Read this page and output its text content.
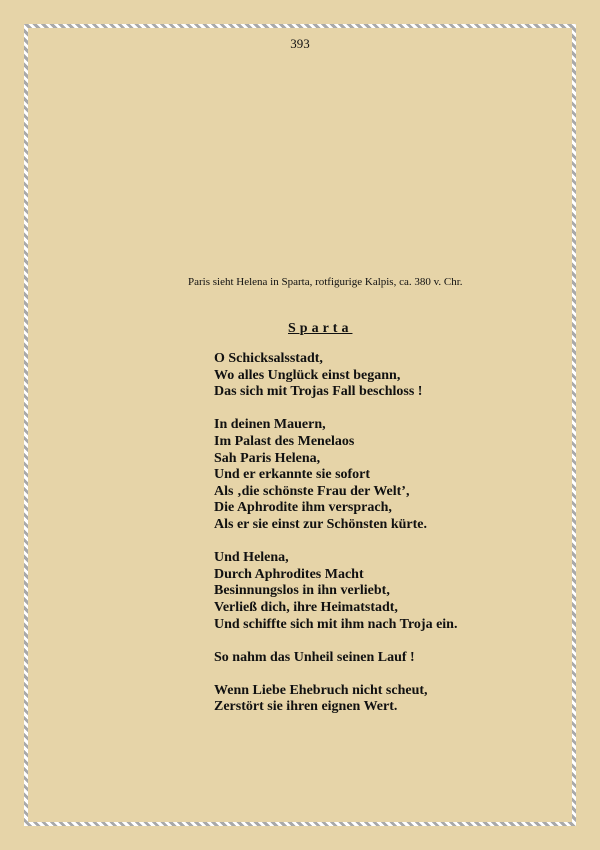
393
Paris sieht Helena in Sparta, rotfigurige Kalpis, ca. 380 v. Chr.
Sparta
O Schicksalsstadt,
Wo alles Unglück einst begann,
Das sich mit Trojas Fall beschloss !
In deinen Mauern,
Im Palast des Menelaos
Sah Paris Helena,
Und er erkannte sie sofort
Als ‚die schönste Frau der Welt’,
Die Aphrodite ihm versprach,
Als er sie einst zur Schönsten kürte.
Und Helena,
Durch Aphrodites Macht
Besinnungslos in ihn verliebt,
Verließ dich, ihre Heimatstadt,
Und schiffte sich mit ihm nach Troja ein.
So nahm das Unheil seinen Lauf !
Wenn Liebe Ehebruch nicht scheut,
Zerstört sie ihren eignen Wert.
